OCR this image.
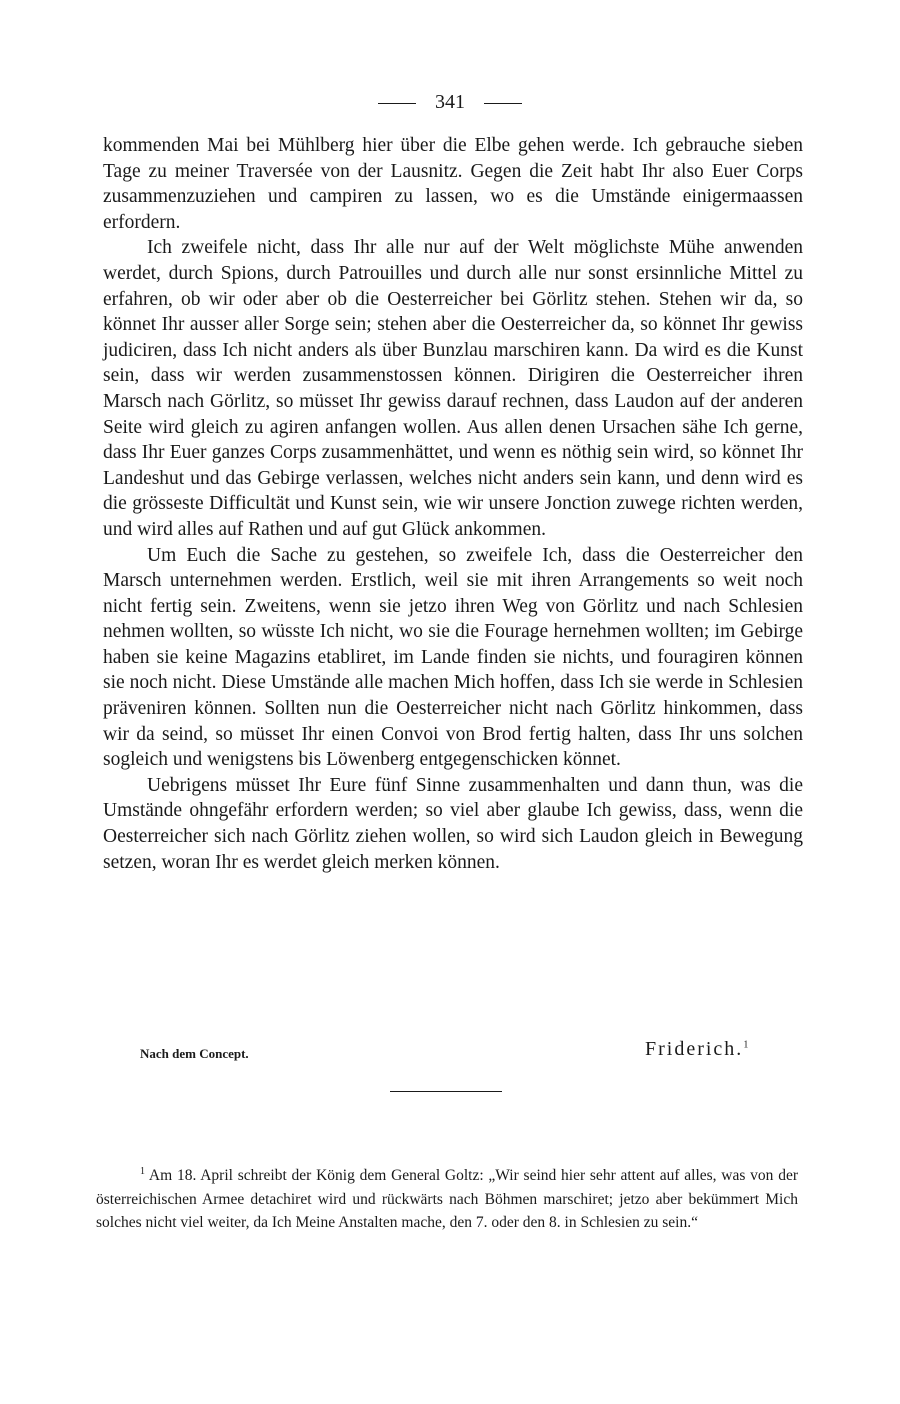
341

kommenden Mai bei Mühlberg hier über die Elbe gehen werde. Ich gebrauche sieben Tage zu meiner Traversée von der Lausnitz. Gegen die Zeit habt Ihr also Euer Corps zusammenzuziehen und campiren zu lassen, wo es die Umstände einigermaassen erfordern.

Ich zweifele nicht, dass Ihr alle nur auf der Welt möglichste Mühe anwenden werdet, durch Spions, durch Patrouilles und durch alle nur sonst ersinnliche Mittel zu erfahren, ob wir oder aber ob die Oesterreicher bei Görlitz stehen. Stehen wir da, so könnet Ihr ausser aller Sorge sein; stehen aber die Oesterreicher da, so könnet Ihr gewiss judiciren, dass Ich nicht anders als über Bunzlau marschiren kann. Da wird es die Kunst sein, dass wir werden zusammenstossen können. Dirigiren die Oesterreicher ihren Marsch nach Görlitz, so müsset Ihr gewiss darauf rechnen, dass Laudon auf der anderen Seite wird gleich zu agiren anfangen wollen. Aus allen denen Ursachen sähe Ich gerne, dass Ihr Euer ganzes Corps zusammenhättet, und wenn es nöthig sein wird, so könnet Ihr Landeshut und das Gebirge verlassen, welches nicht anders sein kann, und denn wird es die grösseste Difficultät und Kunst sein, wie wir unsere Jonction zuwege richten werden, und wird alles auf Rathen und auf gut Glück ankommen.

Um Euch die Sache zu gestehen, so zweifele Ich, dass die Oesterreicher den Marsch unternehmen werden. Erstlich, weil sie mit ihren Arrangements so weit noch nicht fertig sein. Zweitens, wenn sie jetzo ihren Weg von Görlitz und nach Schlesien nehmen wollten, so wüsste Ich nicht, wo sie die Fourage hernehmen wollten; im Gebirge haben sie keine Magazins etabliret, im Lande finden sie nichts, und fouragiren können sie noch nicht. Diese Umstände alle machen Mich hoffen, dass Ich sie werde in Schlesien präveniren können. Sollten nun die Oesterreicher nicht nach Görlitz hinkommen, dass wir da seind, so müsset Ihr einen Convoi von Brod fertig halten, dass Ihr uns solchen sogleich und wenigstens bis Löwenberg entgegenschicken könnet.

Uebrigens müsset Ihr Eure fünf Sinne zusammenhalten und dann thun, was die Umstände ohngefähr erfordern werden; so viel aber glaube Ich gewiss, dass, wenn die Oesterreicher sich nach Görlitz ziehen wollen, so wird sich Laudon gleich in Bewegung setzen, woran Ihr es werdet gleich merken können.

Nach dem Concept.	Friderich.$^1$

$^1$ Am 18. April schreibt der König dem General Goltz: „Wir seind hier sehr attent auf alles, was von der österreichischen Armee detachiret wird und rückwärts nach Böhmen marschiret; jetzo aber bekümmert Mich solches nicht viel weiter, da Ich Meine Anstalten mache, den 7. oder den 8. in Schlesien zu sein.“
